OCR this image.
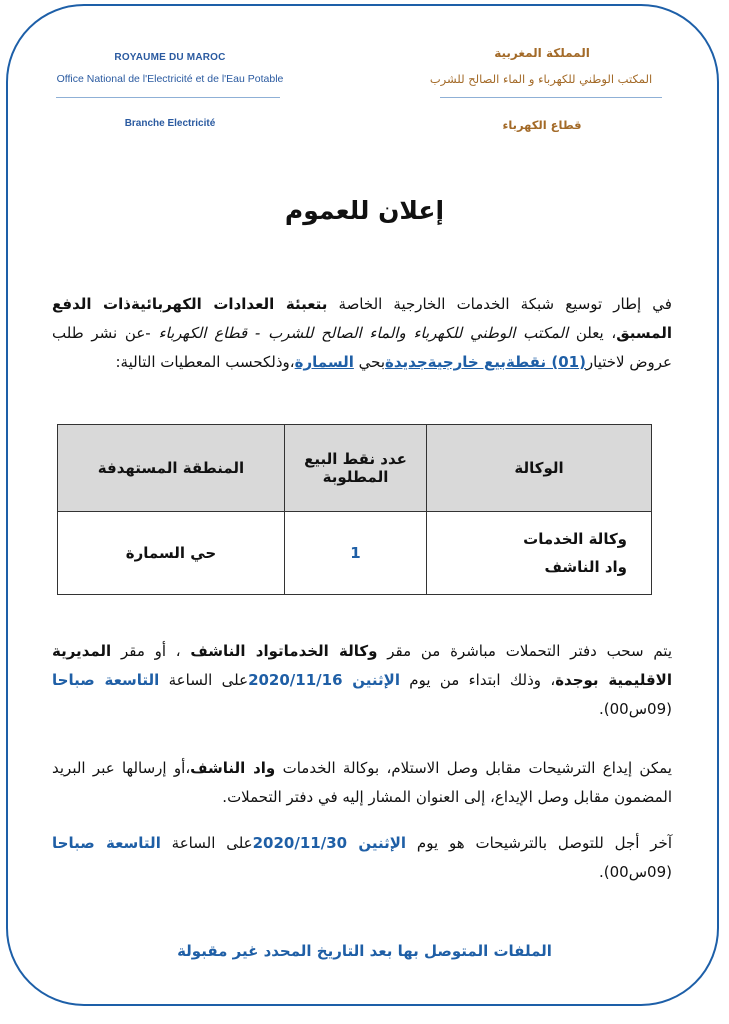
ROYAUME DU MAROC
Office National de l'Electricité et de l'Eau Potable
Branche Electricité
المملكة المغربية
المكتب الوطني للكهرباء و الماء الصالح للشرب
قطاع الكهرباء
إعلان للعموم
في إطار توسيع شبكة الخدمات الخارجية الخاصة بتعبئة العدادات الكهربائيةذات الدفع المسبق، يعلن المكتب الوطني للكهرباء والماء الصالح للشرب - قطاع الكهرباء -عن نشر طلب عروض لاختيار(01) نقطةبيع خارجيةجديدةبحي السمارة،وذلكحسب المعطيات التالية:
الوكالة	عدد نقط البيع المطلوبة	المنطقة المستهدفة

وكالة الخدمات
واد الناشف	1	حي السمارة
يتم سحب دفتر التحملات مباشرة من مقر وكالة الخدماتواد الناشف ، أو مقر المديرية الاقليمية بوجدة، وذلك ابتداء من يوم الإثنين 2020/11/16على الساعة التاسعة صباحا (09س00).
يمكن إيداع الترشيحات مقابل وصل الاستلام، بوكالة الخدمات واد الناشف،أو إرسالها عبر البريد المضمون مقابل وصل الإيداع، إلى العنوان المشار إليه في دفتر التحملات.
آخر أجل للتوصل بالترشيحات هو يوم الإثنين 2020/11/30على الساعة التاسعة صباحا (09س00).
الملفات المتوصل بها بعد التاريخ المحدد غير مقبولة
